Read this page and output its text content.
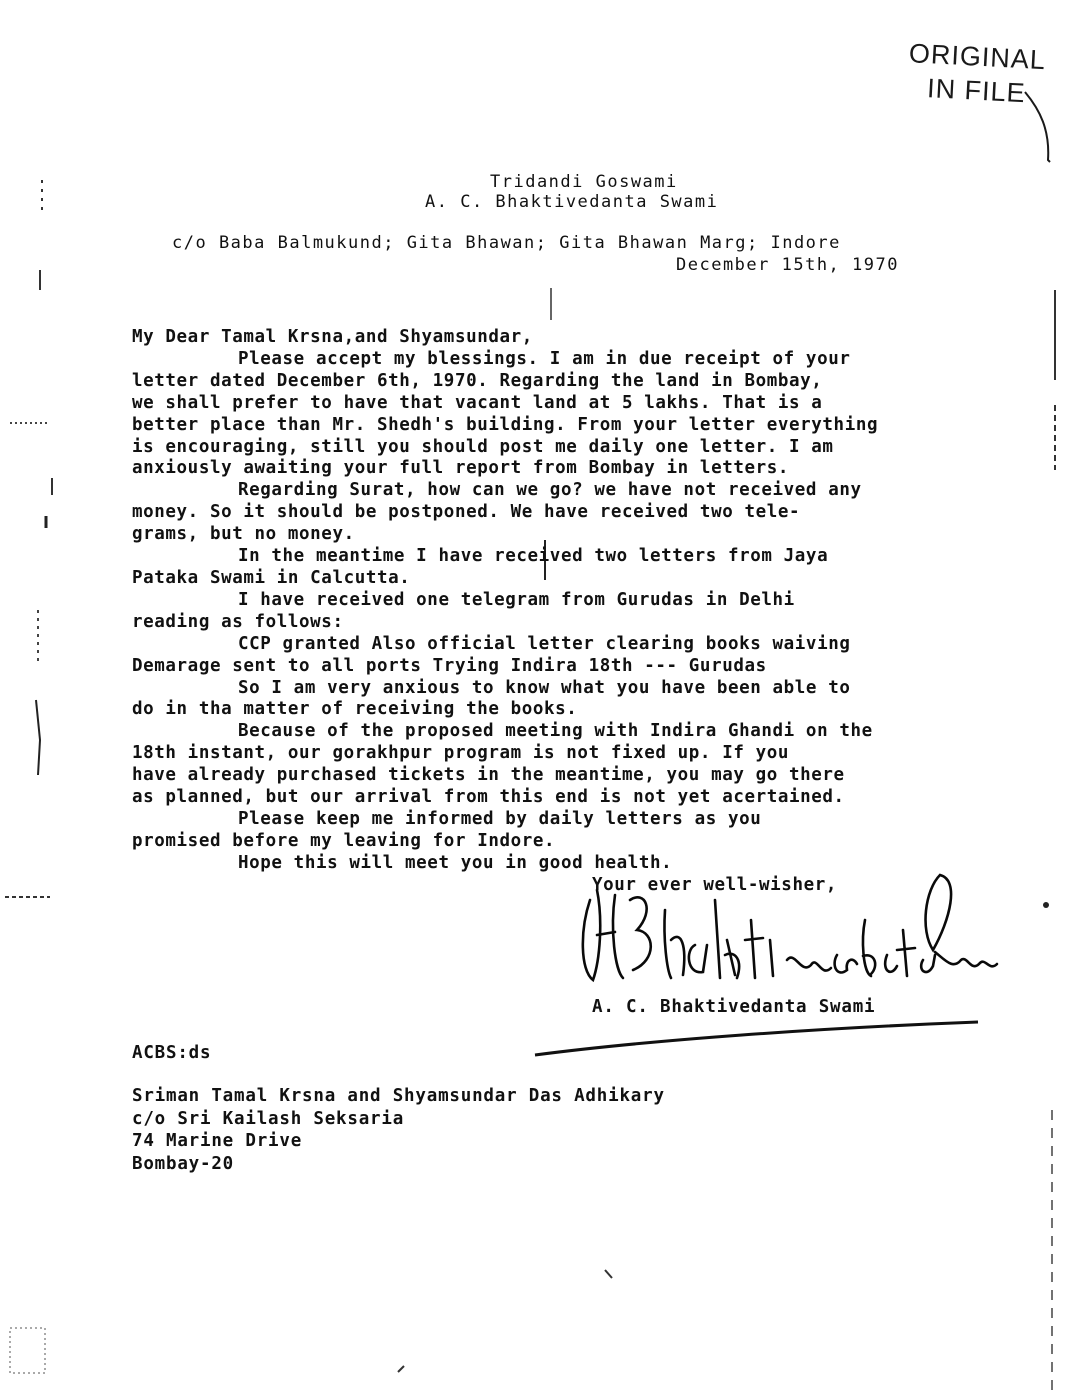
ORIGINAL
IN FILE
Tridandi Goswami
A. C. Bhaktivedanta Swami
c/o Baba Balmukund; Gita Bhawan; Gita Bhawan Marg; Indore
December 15th, 1970
My Dear Tamal Krsna,and Shyamsundar,
Please accept my blessings. I am in due receipt of your
letter dated December 6th, 1970. Regarding the land in Bombay,
we shall prefer to have that vacant land at 5 lakhs. That is a
better place than Mr. Shedh's building. From your letter everything
is encouraging, still you should post me daily one letter. I am
anxiously awaiting your full report from Bombay in letters.
Regarding Surat, how can we go? we have not received any
money. So it should be postponed. We have received two tele-
grams, but no money.
In the meantime I have received two letters from Jaya
Pataka Swami in Calcutta.
I have received one telegram from Gurudas in Delhi
reading as follows:
CCP granted Also official letter clearing books waiving
Demarage sent to all ports Trying Indira 18th --- Gurudas
So I am very anxious to know what you have been able to
do in tha matter of receiving the books.
Because of the proposed meeting with Indira Ghandi on the
18th instant, our gorakhpur program is not fixed up. If you
have already purchased tickets in the meantime, you may go there
as planned, but our arrival from this end is not yet acertained.
Please keep me informed by daily letters as you
promised before my leaving for Indore.
Hope this will meet you in good health.
Your ever well-wisher,
A. C. Bhaktivedanta Swami
ACBS:ds
Sriman Tamal Krsna and Shyamsundar Das Adhikary
c/o Sri Kailash Seksaria
74 Marine Drive
Bombay-20
